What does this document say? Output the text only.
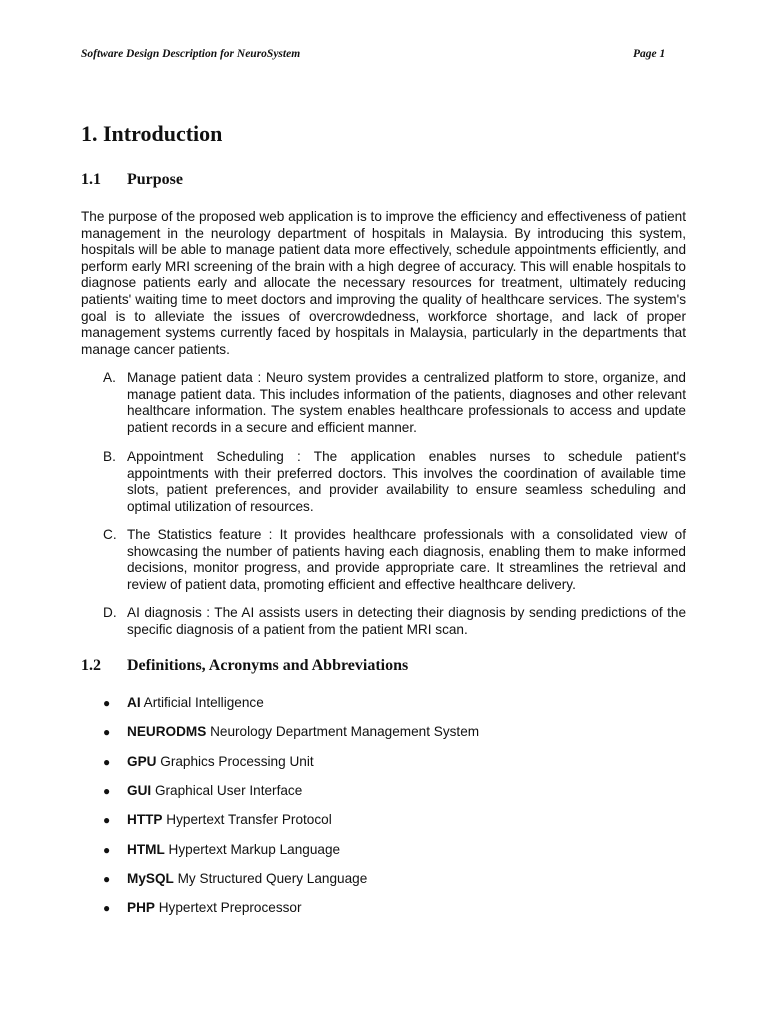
Software Design Description for NeuroSystem	Page 1
1. Introduction
1.1 Purpose

The purpose of the proposed web application is to improve the efficiency and effectiveness of patient management in the neurology department of hospitals in Malaysia. By introducing this system, hospitals will be able to manage patient data more effectively, schedule appointments efficiently, and perform early MRI screening of the brain with a high degree of accuracy. This will enable hospitals to diagnose patients early and allocate the necessary resources for treatment, ultimately reducing patients' waiting time to meet doctors and improving the quality of healthcare services. The system's goal is to alleviate the issues of overcrowdedness, workforce shortage, and lack of proper management systems currently faced by hospitals in Malaysia, particularly in the departments that manage cancer patients.

A. Manage patient data : Neuro system provides a centralized platform to store, organize, and manage patient data. This includes information of the patients, diagnoses and other relevant healthcare information. The system enables healthcare professionals to access and update patient records in a secure and efficient manner.
B. Appointment Scheduling : The application enables nurses to schedule patient's appointments with their preferred doctors. This involves the coordination of available time slots, patient preferences, and provider availability to ensure seamless scheduling and optimal utilization of resources.
C. The Statistics feature : It provides healthcare professionals with a consolidated view of showcasing the number of patients having each diagnosis, enabling them to make informed decisions, monitor progress, and provide appropriate care. It streamlines the retrieval and review of patient data, promoting efficient and effective healthcare delivery.
D. AI diagnosis : The AI assists users in detecting their diagnosis by sending predictions of the specific diagnosis of a patient from the patient MRI scan.
1.2 Definitions, Acronyms and Abbreviations
● AI Artificial Intelligence
● NEURODMS Neurology Department Management System
● GPU Graphics Processing Unit
● GUI Graphical User Interface
● HTTP Hypertext Transfer Protocol
● HTML Hypertext Markup Language
● MySQL My Structured Query Language
● PHP Hypertext Preprocessor
